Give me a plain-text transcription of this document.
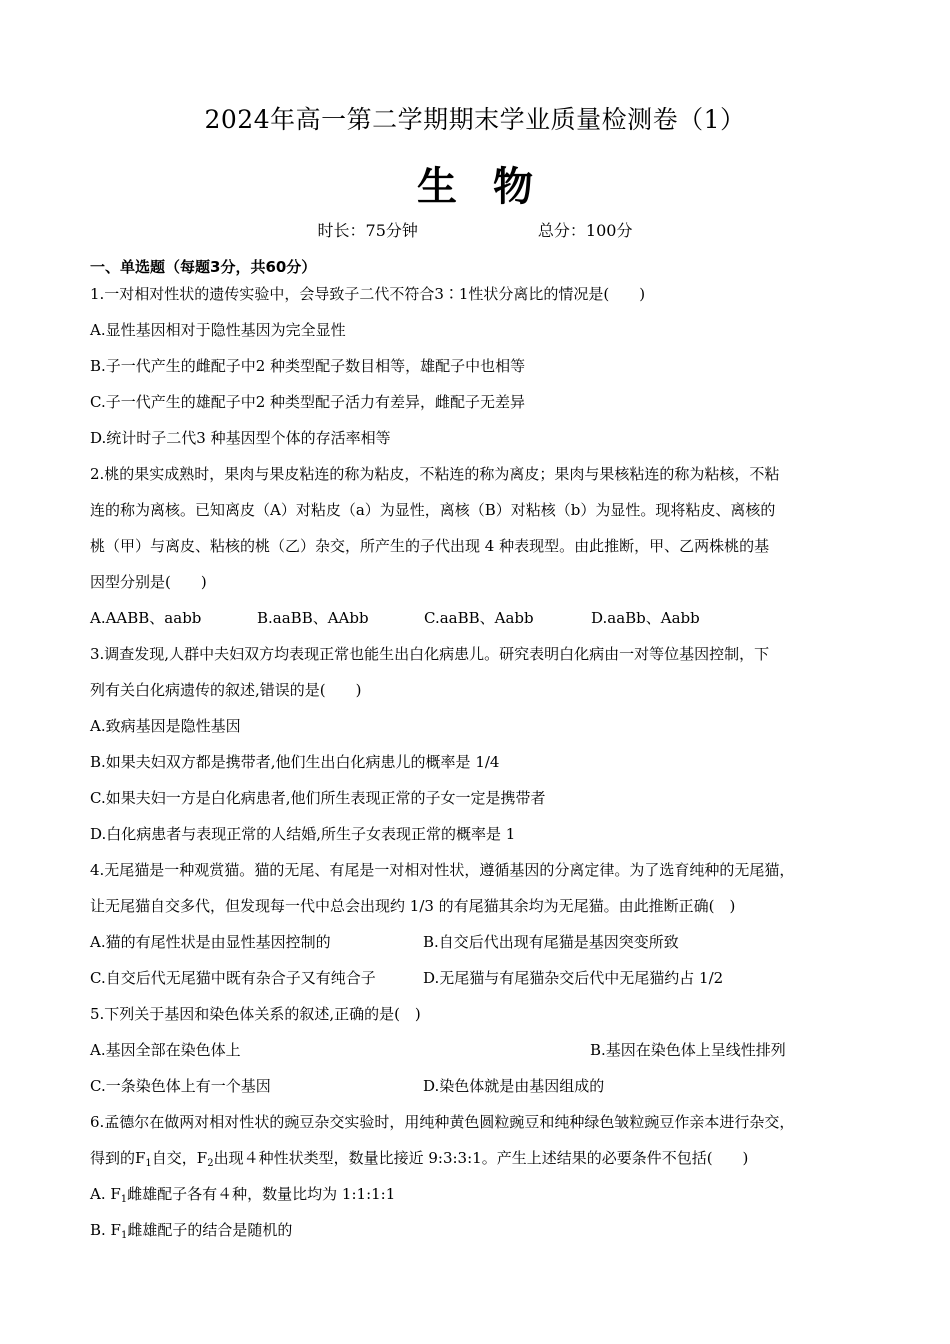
2024年高一第二学期期末学业质量检测卷（1）
生物
时长：75分钟	总分：100分
一、单选题（每题3分，共60分）
1.一对相对性状的遗传实验中，会导致子二代不符合3∶1性状分离比的情况是(　　)
A.显性基因相对于隐性基因为完全显性
B.子一代产生的雌配子中2 种类型配子数目相等，雄配子中也相等
C.子一代产生的雄配子中2 种类型配子活力有差异，雌配子无差异
D.统计时子二代3 种基因型个体的存活率相等
2.桃的果实成熟时，果肉与果皮粘连的称为粘皮，不粘连的称为离皮；果肉与果核粘连的称为粘核，不粘
连的称为离核。已知离皮（A）对粘皮（a）为显性，离核（B）对粘核（b）为显性。现将粘皮、离核的
桃（甲）与离皮、粘核的桃（乙）杂交，所产生的子代出现 4 种表现型。由此推断，甲、乙两株桃的基
因型分别是(　　)
A.AABB、aabb	B.aaBB、AAbb	C.aaBB、Aabb	D.aaBb、Aabb
3.调查发现,人群中夫妇双方均表现正常也能生出白化病患儿。研究表明白化病由一对等位基因控制，下
列有关白化病遗传的叙述,错误的是(　　)
A.致病基因是隐性基因
B.如果夫妇双方都是携带者,他们生出白化病患儿的概率是 1/4
C.如果夫妇一方是白化病患者,他们所生表现正常的子女一定是携带者
D.白化病患者与表现正常的人结婚,所生子女表现正常的概率是 1
4.无尾猫是一种观赏猫。猫的无尾、有尾是一对相对性状，遵循基因的分离定律。为了选育纯种的无尾猫，
让无尾猫自交多代，但发现每一代中总会出现约 1/3 的有尾猫其余均为无尾猫。由此推断正确(　)
A.猫的有尾性状是由显性基因控制的	B.自交后代出现有尾猫是基因突变所致
C.自交后代无尾猫中既有杂合子又有纯合子	D.无尾猫与有尾猫杂交后代中无尾猫约占 1/2
5.下列关于基因和染色体关系的叙述,正确的是(　)
A.基因全部在染色体上	B.基因在染色体上呈线性排列
C.一条染色体上有一个基因	D.染色体就是由基因组成的
6.孟德尔在做两对相对性状的豌豆杂交实验时，用纯种黄色圆粒豌豆和纯种绿色皱粒豌豆作亲本进行杂交，
得到的$F_1$自交，$F_2$出现４种性状类型，数量比接近 9:3:3:1。产生上述结果的必要条件不包括(　　)
A. $F_1$雌雄配子各有４种，数量比均为 1:1:1:1
B. $F_1$雌雄配子的结合是随机的
